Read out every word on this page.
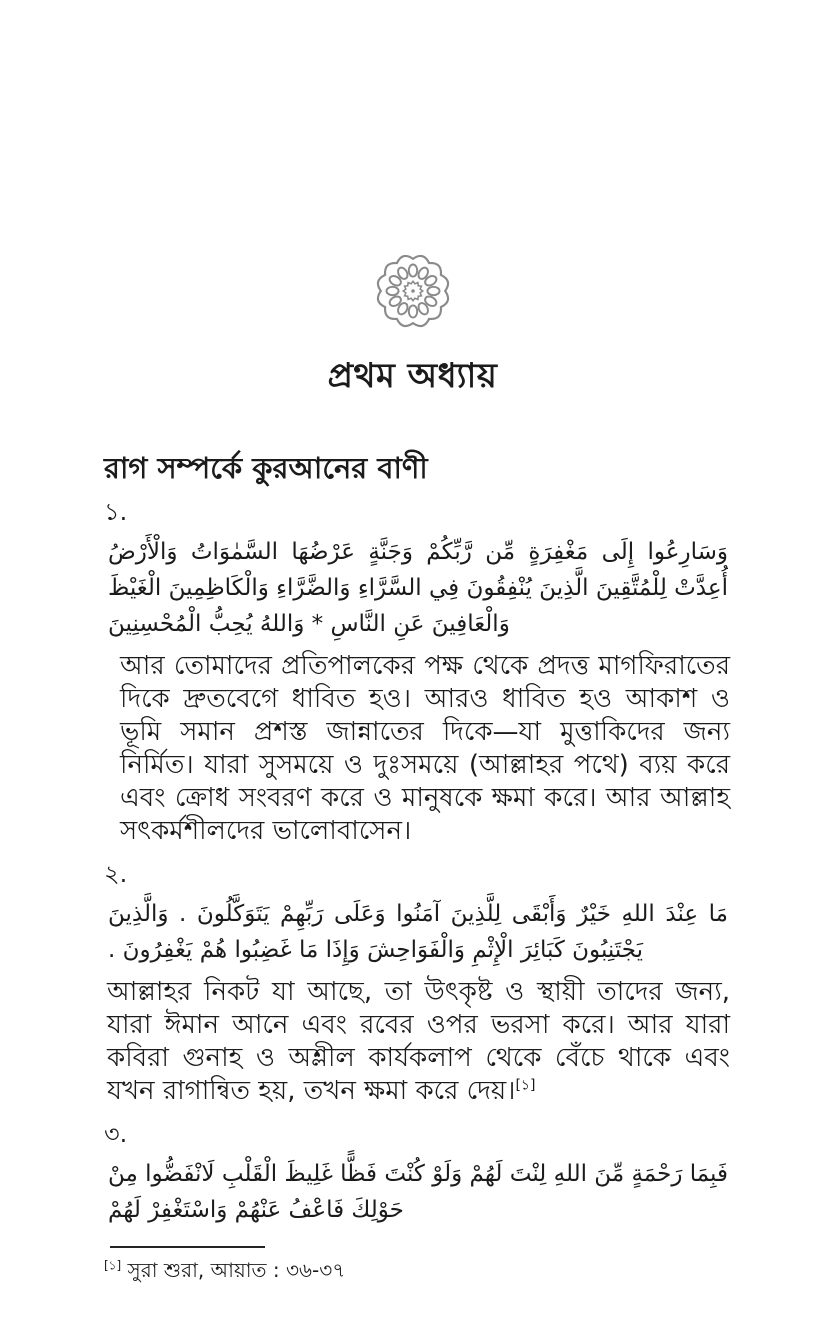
প্রথম অধ্যায়
রাগ সম্পর্কে কুরআনের বাণী
১.

وَسَارِعُوا إِلَى مَغْفِرَةٍ مِّن رَّبِّكُمْ وَجَنَّةٍ عَرْضُهَا السَّمٰوَاتُ وَالْأَرْضُ أُعِدَّتْ لِلْمُتَّقِينَ الَّذِينَ يُنْفِقُونَ فِي السَّرَّاءِ وَالضَّرَّاءِ وَالْكَاظِمِينَ الْغَيْظَ وَالْعَافِينَ عَنِ النَّاسِ * وَاللهُ يُحِبُّ الْمُحْسِنِينَ

আর তোমাদের প্রতিপালকের পক্ষ থেকে প্রদত্ত মাগফিরাতের দিকে দ্রুতবেগে ধাবিত হও। আরও ধাবিত হও আকাশ ও ভূমি সমান প্রশস্ত জান্নাতের দিকে—যা মুত্তাকিদের জন্য নির্মিত। যারা সুসময়ে ও দুঃসময়ে (আল্লাহর পথে) ব্যয় করে এবং ক্রোধ সংবরণ করে ও মানুষকে ক্ষমা করে। আর আল্লাহ সৎকর্মশীলদের ভালোবাসেন।

২.

مَا عِنْدَ اللهِ خَيْرٌ وَأَبْقَى لِلَّذِينَ آمَنُوا وَعَلَى رَبِّهِمْ يَتَوَكَّلُونَ . وَالَّذِينَ يَجْتَنِبُونَ كَبَائِرَ الْإِثْمِ وَالْفَوَاحِشَ وَإِذَا مَا غَضِبُوا هُمْ يَغْفِرُونَ .

আল্লাহর নিকট যা আছে, তা উৎকৃষ্ট ও স্থায়ী তাদের জন্য, যারা ঈমান আনে এবং রবের ওপর ভরসা করে। আর যারা কবিরা গুনাহ ও অশ্লীল কার্যকলাপ থেকে বেঁচে থাকে এবং যখন রাগান্বিত হয়, তখন ক্ষমা করে দেয়।[১]

৩.

فَبِمَا رَحْمَةٍ مِّنَ اللهِ لِنْتَ لَهُمْ وَلَوْ كُنْتَ فَظًّا غَلِيظَ الْقَلْبِ لَانْفَضُّوا مِنْ حَوْلِكَ فَاعْفُ عَنْهُمْ وَاسْتَغْفِرْ لَهُمْ

[১] সুরা শুরা, আয়াত : ৩৬-৩৭
